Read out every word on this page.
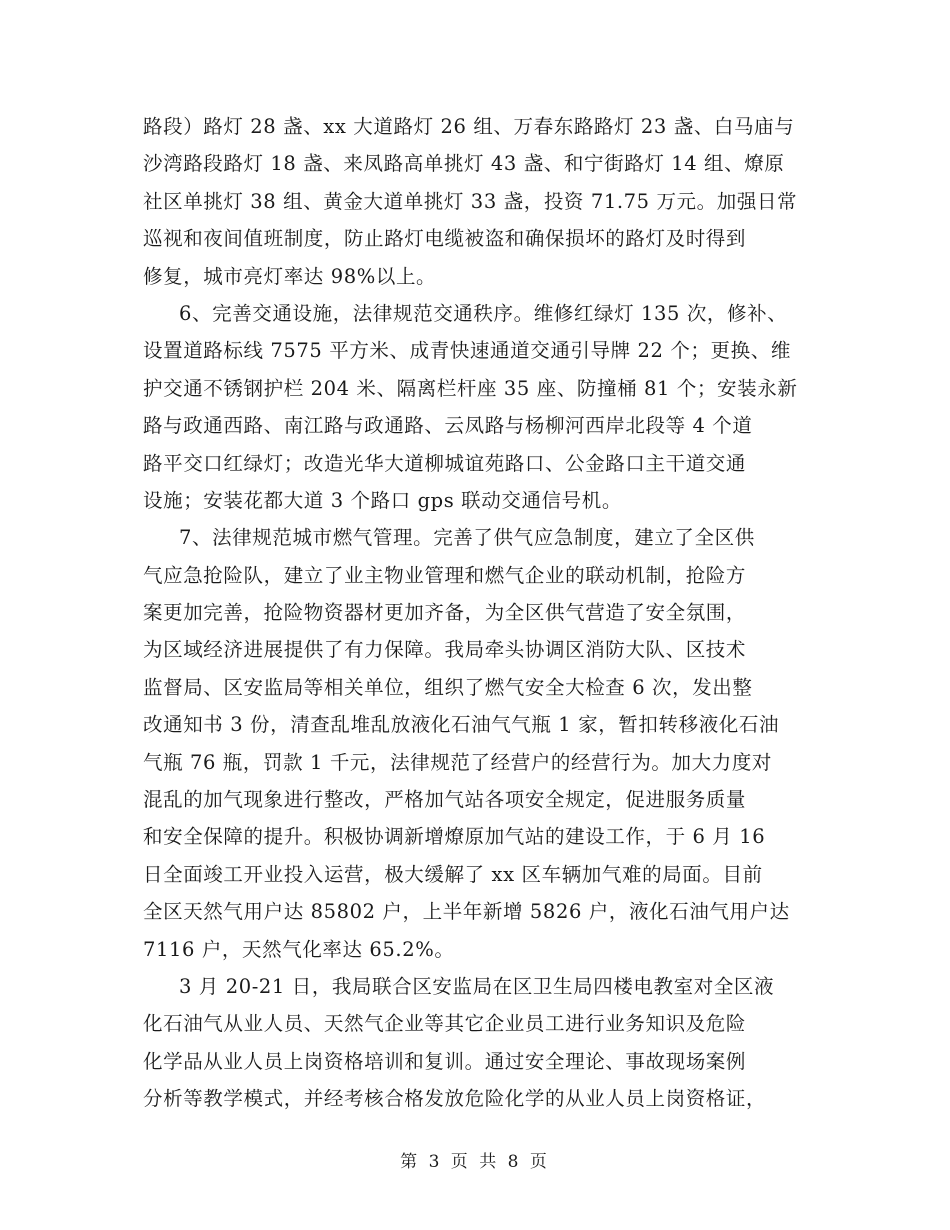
路段）路灯 28 盏、xx 大道路灯 26 组、万春东路路灯 23 盏、白马庙与
沙湾路段路灯 18 盏、来凤路高单挑灯 43 盏、和宁街路灯 14 组、燎原
社区单挑灯 38 组、黄金大道单挑灯 33 盏，投资 71.75 万元。加强日常
巡视和夜间值班制度，防止路灯电缆被盗和确保损坏的路灯及时得到
修复，城市亮灯率达 98%以上。
6、完善交通设施，法律规范交通秩序。维修红绿灯 135 次，修补、
设置道路标线 7575 平方米、成青快速通道交通引导牌 22 个；更换、维
护交通不锈钢护栏 204 米、隔离栏杆座 35 座、防撞桶 81 个；安装永新
路与政通西路、南江路与政通路、云凤路与杨柳河西岸北段等 4 个道
路平交口红绿灯；改造光华大道柳城谊苑路口、公金路口主干道交通
设施；安装花都大道 3 个路口 gps 联动交通信号机。
7、法律规范城市燃气管理。完善了供气应急制度，建立了全区供
气应急抢险队，建立了业主物业管理和燃气企业的联动机制，抢险方
案更加完善，抢险物资器材更加齐备，为全区供气营造了安全氛围，
为区域经济进展提供了有力保障。我局牵头协调区消防大队、区技术
监督局、区安监局等相关单位，组织了燃气安全大检查 6 次，发出整
改通知书 3 份，清查乱堆乱放液化石油气气瓶 1 家，暂扣转移液化石油
气瓶 76 瓶，罚款 1 千元，法律规范了经营户的经营行为。加大力度对
混乱的加气现象进行整改，严格加气站各项安全规定，促进服务质量
和安全保障的提升。积极协调新增燎原加气站的建设工作，于 6 月 16
日全面竣工开业投入运营，极大缓解了 xx 区车辆加气难的局面。目前
全区天然气用户达 85802 户，上半年新增 5826 户，液化石油气用户达
7116 户，天然气化率达 65.2%。
3 月 20-21 日，我局联合区安监局在区卫生局四楼电教室对全区液
化石油气从业人员、天然气企业等其它企业员工进行业务知识及危险
化学品从业人员上岗资格培训和复训。通过安全理论、事故现场案例
分析等教学模式，并经考核合格发放危险化学的从业人员上岗资格证，
第 3 页 共 8 页
